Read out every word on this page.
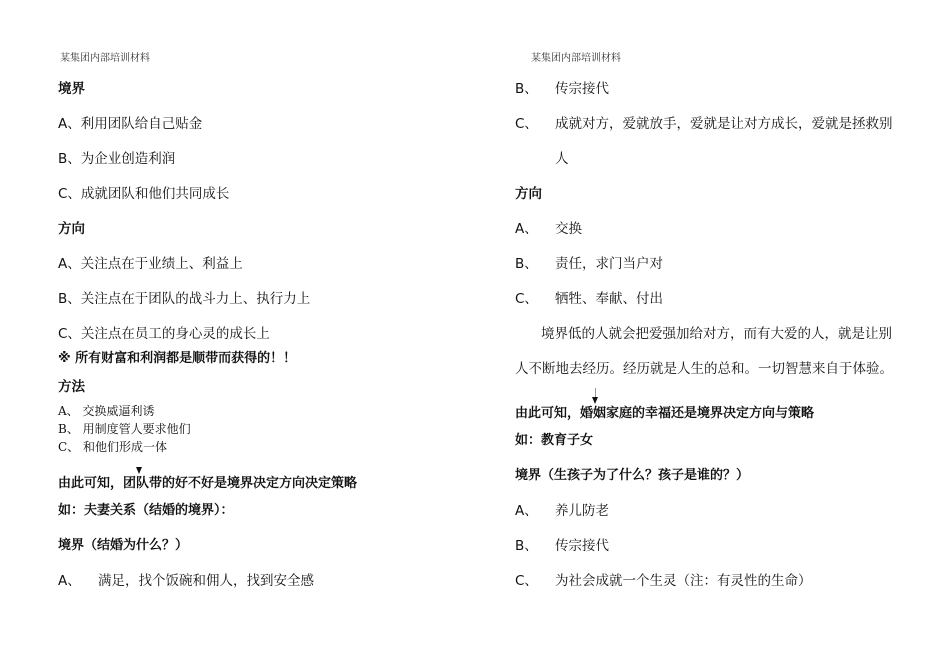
某集团内部培训材料
境界
A、利用团队给自己贴金
B、为企业创造利润
C、成就团队和他们共同成长
方向
A、关注点在于业绩上、利益上
B、关注点在于团队的战斗力上、执行力上
C、关注点在员工的身心灵的成长上
※ 所有财富和利润都是顺带而获得的！！
方法
A、 交换威逼利诱
B、 用制度管人要求他们
C、 和他们形成一体
由此可知，团队带的好不好是境界决定方向决定策略
如：夫妻关系（结婚的境界）：
境界（结婚为什么？）
A、 满足，找个饭碗和佣人，找到安全感
某集团内部培训材料
B、 传宗接代
C、 成就对方，爱就放手，爱就是让对方成长，爱就是拯救别
人
方向
A、 交换
B、 责任，求门当户对
C、 牺牲、奉献、付出
境界低的人就会把爱强加给对方，而有大爱的人，就是让别
人不断地去经历。经历就是人生的总和。一切智慧来自于体验。
由此可知，婚姻家庭的幸福还是境界决定方向与策略
如：教育子女
境界（生孩子为了什么？孩子是谁的？）
A、 养儿防老
B、 传宗接代
C、 为社会成就一个生灵（注：有灵性的生命）
